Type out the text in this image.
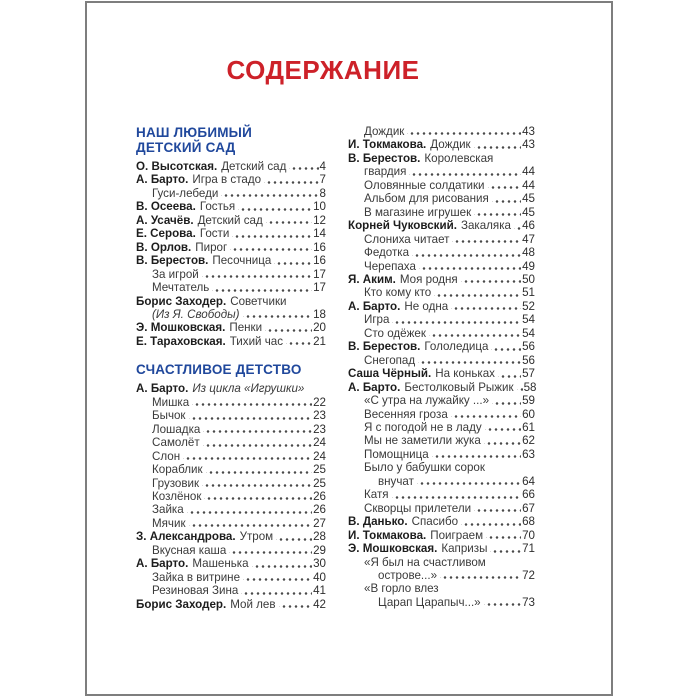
СОДЕРЖАНИЕ
НАШ ЛЮБИМЫЙ
ДЕТСКИЙ САД
О. Высотская. Детский сад	4
А. Барто. Игра в стадо	7
Гуси-лебеди	8
В. Осеева. Гостья	10
А. Усачёв. Детский сад	12
Е. Серова. Гости	14
В. Орлов. Пирог	16
В. Берестов. Песочница	16
За игрой	17
Мечтатель	17
Борис Заходер. Советчики
(Из Я. Свободы)	18
Э. Мошковская. Пенки	20
Е. Тараховская. Тихий час	21
СЧАСТЛИВОЕ ДЕТСТВО
А. Барто. Из цикла «Игрушки»
Мишка	22
Бычок	23
Лошадка	23
Самолёт	24
Слон	24
Кораблик	25
Грузовик	25
Козлёнок	26
Зайка	26
Мячик	27
З. Александрова. Утром	28
Вкусная каша	29
А. Барто. Машенька	30
Зайка в витрине	40
Резиновая Зина	41
Борис Заходер. Мой лев	42
Дождик	43
И. Токмакова. Дождик	43
В. Берестов. Королевская
гвардия	44
Оловянные солдатики	44
Альбом для рисования	45
В магазине игрушек	45
Корней Чуковский. Закаляка 46
Слониха читает	47
Федотка	48
Черепаха	49
Я. Аким. Моя родня	50
Кто кому кто	51
А. Барто. Не одна	52
Игра	54
Сто одёжек	54
В. Берестов. Гололедица	56
Снегопад	56
Саша Чёрный. На коньках 57
А. Барто. Бестолковый Рыжик 58
«С утра на лужайку ...»	59
Весенняя гроза	60
Я с погодой не в ладу	61
Мы не заметили жука	62
Помощница	63
Было у бабушки сорок
внучат	64
Катя	66
Скворцы прилетели	67
В. Данько. Спасибо	68
И. Токмакова. Поиграем	70
Э. Мошковская. Капризы	71
«Я был на счастливом
острове...»	72
«В горло влез
Царап Царапыч...»	73
